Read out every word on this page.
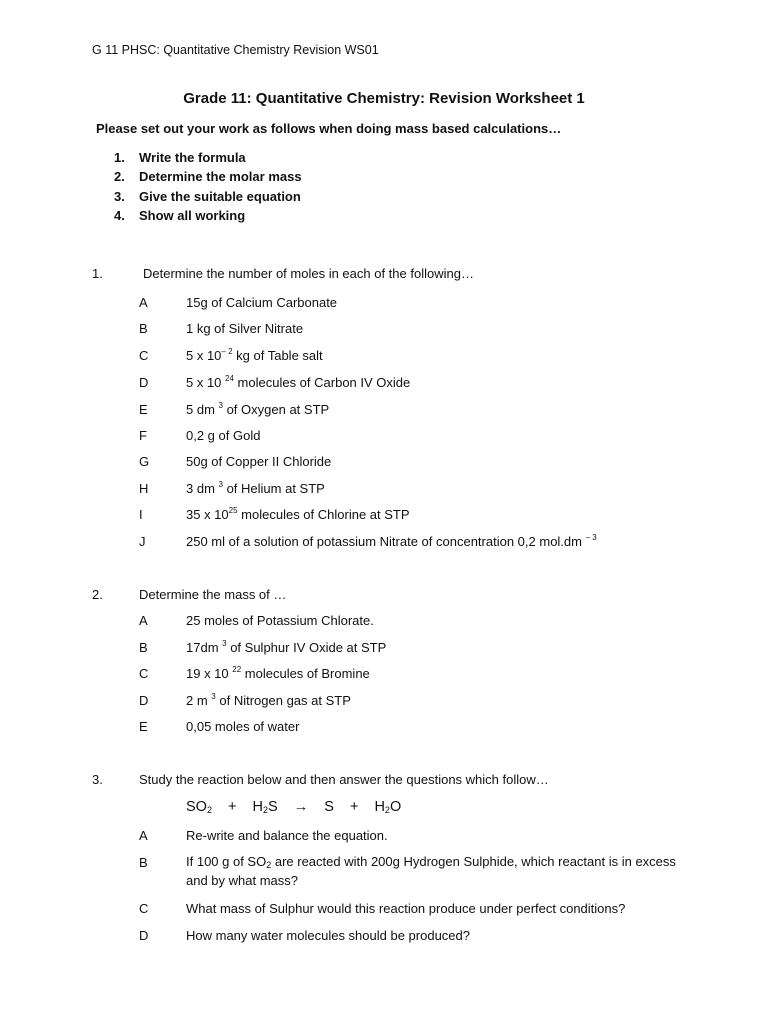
G 11 PHSC: Quantitative Chemistry Revision WS01
Grade 11: Quantitative Chemistry: Revision Worksheet 1
Please set out your work as follows when doing mass based calculations…
1. Write the formula
2. Determine the molar mass
3. Give the suitable equation
4. Show all working
1.	Determine the number of moles in each of the following…
A	15g of Calcium Carbonate
B	1 kg of Silver Nitrate
C	5 x $10^{- 2}$ kg of Table salt
D	5 x 10 $^{24}$ molecules of Carbon IV Oxide
E	5 dm $^3$ of Oxygen at STP
F	0,2 g of Gold
G	50g of Copper II Chloride
H	3 dm $^3$ of Helium at STP
I	35 x $10^{25}$ molecules of Chlorine at STP
J	250 ml of a solution of potassium Nitrate of concentration 0,2 mol.dm $^{- 3}$
2.	Determine the mass of …
A	25 moles of Potassium Chlorate.
B	17dm $^3$ of Sulphur IV Oxide at STP
C	19 x 10 $^{22}$ molecules of Bromine
D	2 m $^3$ of Nitrogen gas at STP
E	0,05 moles of water
3.	Study the reaction below and then answer the questions which follow…
$SO_2 + H_2S \to S + H_2O$
A	Re-write and balance the equation.
B	If 100 g of $SO_2$ are reacted with 200g Hydrogen Sulphide, which reactant is in excess and by what mass?
C	What mass of Sulphur would this reaction produce under perfect conditions?
D	How many water molecules should be produced?
